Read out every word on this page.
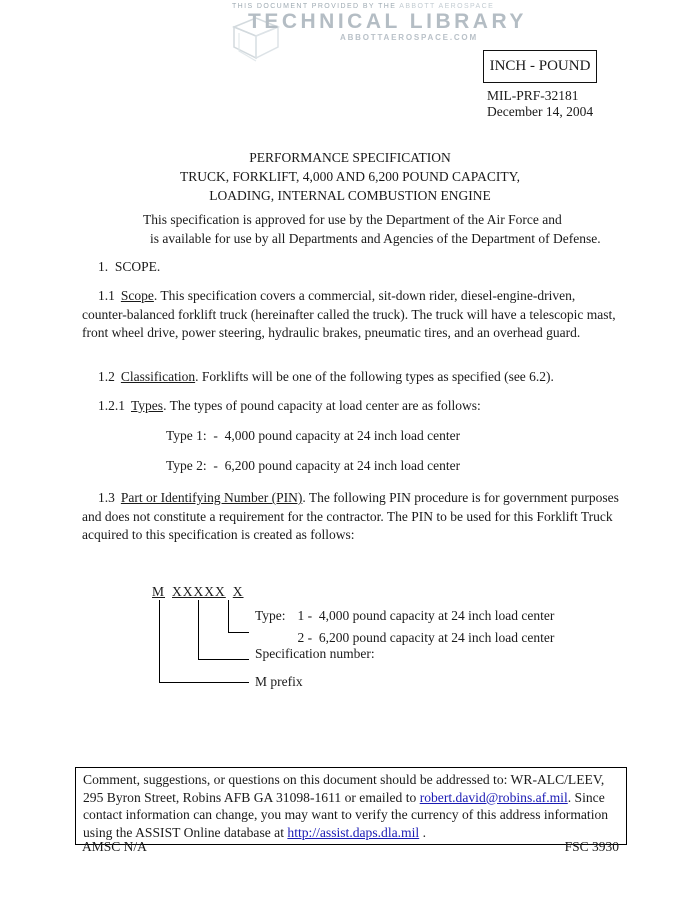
THIS DOCUMENT PROVIDED BY THE ABBOTT AEROSPACE
TECHNICAL LIBRARY
ABBOTTAEROSPACE.COM
INCH - POUND
MIL-PRF-32181
December 14, 2004
PERFORMANCE SPECIFICATION
TRUCK, FORKLIFT, 4,000 AND 6,200 POUND CAPACITY,
LOADING, INTERNAL COMBUSTION ENGINE
This specification is approved for use by the Department of the Air Force and
is available for use by all Departments and Agencies of the Department of Defense.

1.  SCOPE.

1.1 Scope. This specification covers a commercial, sit-down rider, diesel-engine-driven, counter-balanced forklift truck (hereinafter called the truck). The truck will have a telescopic mast, front wheel drive, power steering, hydraulic brakes, pneumatic tires, and an overhead guard.

1.2 Classification. Forklifts will be one of the following types as specified (see 6.2).

1.2.1 Types. The types of pound capacity at load center are as follows:

Type 1:  -  4,000 pound capacity at 24 inch load center

Type 2:  -  6,200 pound capacity at 24 inch load center

1.3 Part or Identifying Number (PIN). The following PIN procedure is for government purposes and does not constitute a requirement for the contractor. The PIN to be used for this Forklift Truck acquired to this specification is created as follows:

M XXXXX X
Type: 1 -  4,000 pound capacity at 24 inch load center
2 -  6,200 pound capacity at 24 inch load center
Specification number:
M prefix
Comment, suggestions, or questions on this document should be addressed to: WR-ALC/LEEV, 295 Byron Street, Robins AFB GA 31098-1611 or emailed to robert.david@robins.af.mil. Since contact information can change, you may want to verify the currency of this address information using the ASSIST Online database at http://assist.daps.dla.mil .
AMSC N/A	FSC 3930
